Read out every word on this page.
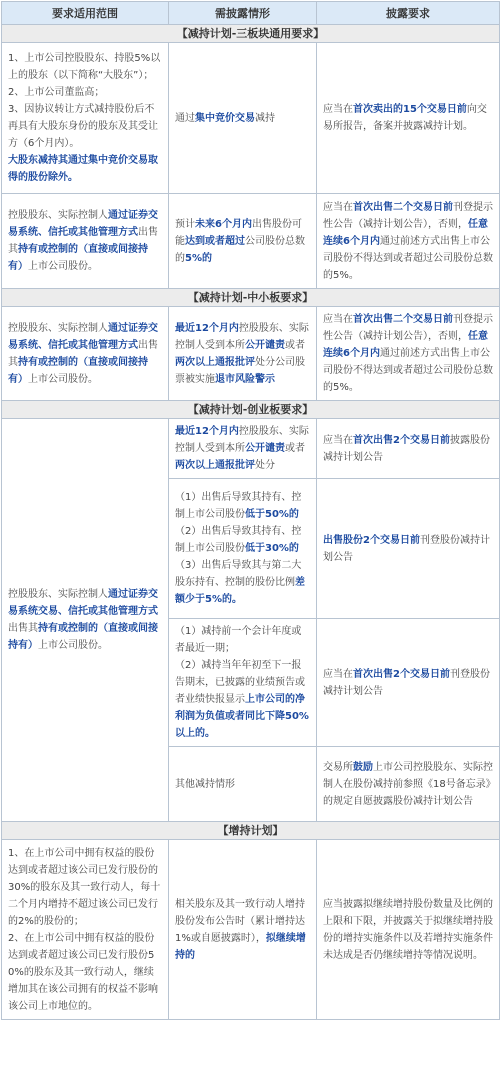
要求适用范围	需披露情形	披露要求
【减持计划-三板块通用要求】		

1、上市公司控股股东、持股5%以上的股东（以下简称“大股东”）；

2、上市公司董监高；

3、因协议转让方式减持股份后不再具有大股东身份的股东及其受让方（6个月内）。

大股东减持其通过集中竞价交易取得的股份除外。	通过集中竞价交易减持	应当在首次卖出的15个交易日前向交易所报告，备案并披露减持计划。
控股股东、实际控制人通过证券交易系统、信托或其他管理方式出售其持有或控制的（直接或间接持有）上市公司股份。	预计未来6个月内出售股份可能达到或者超过公司股份总数的5%的	应当在首次出售二个交易日前刊登提示性公告（减持计划公告），否则，任意连续6个月内通过前述方式出售上市公司股份不得达到或者超过公司股份总数的5%。
【减持计划-中小板要求】		
控股股东、实际控制人通过证券交易系统、信托或其他管理方式出售其持有或控制的（直接或间接持有）上市公司股份。	最近12个月内控股股东、实际控制人受到本所公开谴责或者两次以上通报批评处分公司股票被实施退市风险警示	应当在首次出售二个交易日前刊登提示性公告（减持计划公告），否则，任意连续6个月内通过前述方式出售上市公司股份不得达到或者超过公司股份总数的5%。
【减持计划-创业板要求】		
控股股东、实际控制人通过证券交易系统交易、信托或其他管理方式出售其持有或控制的（直接或间接持有）上市公司股份。	最近12个月内控股股东、实际控制人受到本所公开谴责或者两次以上通报批评处分	应当在首次出售2个交易日前披露股份减持计划公告

	（1）出售后导致其持有、控制上市公司股份低于50%的

（2）出售后导致其持有、控制上市公司股份低于30%的

（3）出售后导致其与第二大股东持有、控制的股份比例差额少于5%的。	出售股份2个交易日前刊登股份减持计划公告

	（1）减持前一个会计年度或者最近一期；

（2）减持当年年初至下一报告期末，已披露的业绩预告或者业绩快报显示上市公司的净利润为负值或者同比下降50%以上的。	应当在首次出售2个交易日前刊登股份减持计划公告
	其他减持情形	交易所鼓励上市公司控股股东、实际控制人在股份减持前参照《18号备忘录》的规定自愿披露股份减持计划公告
【增持计划】		

1、在上市公司中拥有权益的股份达到或者超过该公司已发行股份的30%的股东及其一致行动人，每十二个月内增持不超过该公司已发行的2%的股份的；

2、在上市公司中拥有权益的股份达到或者超过该公司已发行股份50%的股东及其一致行动人，继续增加其在该公司拥有的权益不影响该公司上市地位的。	相关股东及其一致行动人增持股份发布公告时（累计增持达1%或自愿披露时），拟继续增持的	应当披露拟继续增持股份数量及比例的上限和下限，并披露关于拟继续增持股份的增持实施条件以及若增持实施条件未达成是否仍继续增持等情况说明。
